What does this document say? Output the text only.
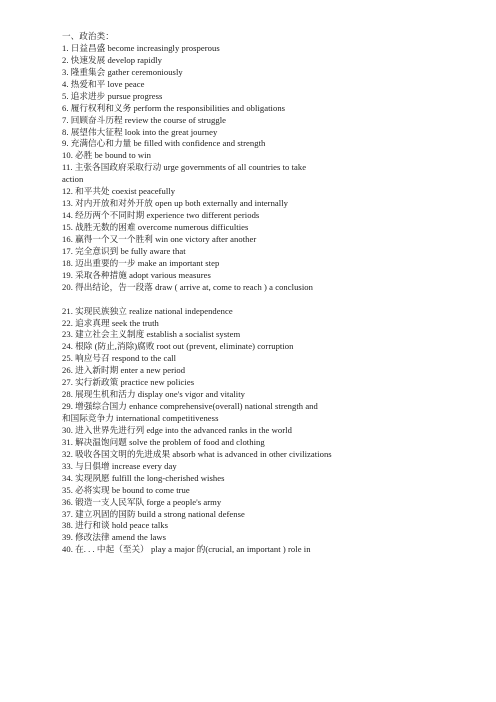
一、政治类：
1. 日益昌盛 become increasingly prosperous
2. 快速发展 develop rapidly
3. 隆重集会 gather ceremoniously
4. 热爱和平 love peace
5. 追求进步 pursue progress
6. 履行权利和义务 perform the responsibilities and obligations
7. 回顾奋斗历程 review the course of struggle
8. 展望伟大征程 look into the great journey
9. 充满信心和力量 be filled with confidence and strength
10. 必胜 be bound to win
11. 主张各国政府采取行动 urge governments of all countries to take
action
12. 和平共处 coexist peacefully
13. 对内开放和对外开放 open up both externally and internally
14. 经历两个不同时期 experience two different periods
15. 战胜无数的困难 overcome numerous difficulties
16. 赢得一个又一个胜利 win one victory after another
17. 完全意识到 be fully aware that
18. 迈出重要的一步 make an important step
19. 采取各种措施 adopt various measures
20. 得出结论，告一段落 draw ( arrive at, come to reach ) a conclusion
21. 实现民族独立 realize national independence
22. 追求真理 seek the truth
23. 建立社会主义制度 establish a socialist system
24. 根除 (防止,消除)腐败 root out (prevent, eliminate) corruption
25. 响应号召 respond to the call
26. 进入新时期 enter a new period
27. 实行新政策 practice new policies
28. 展现生机和活力 display one's vigor and vitality
29. 增强综合国力 enhance comprehensive(overall) national strength and
和国际竞争力 international competitiveness
30. 进入世界先进行列 edge into the advanced ranks in the world
31. 解决温饱问题 solve the problem of food and clothing
32. 吸收各国文明的先进成果 absorb what is advanced in other civilizations
33. 与日俱增 increase every day
34. 实现夙愿 fulfill the long-cherished wishes
35. 必将实现 be bound to come true
36. 锻造一支人民军队 forge a people's army
37. 建立巩固的国防 build a strong national defense
38. 进行和谈 hold peace talks
39. 修改法律 amend the laws
40. 在. . . 中起（至关） play a major 的(crucial, an important ) role in
